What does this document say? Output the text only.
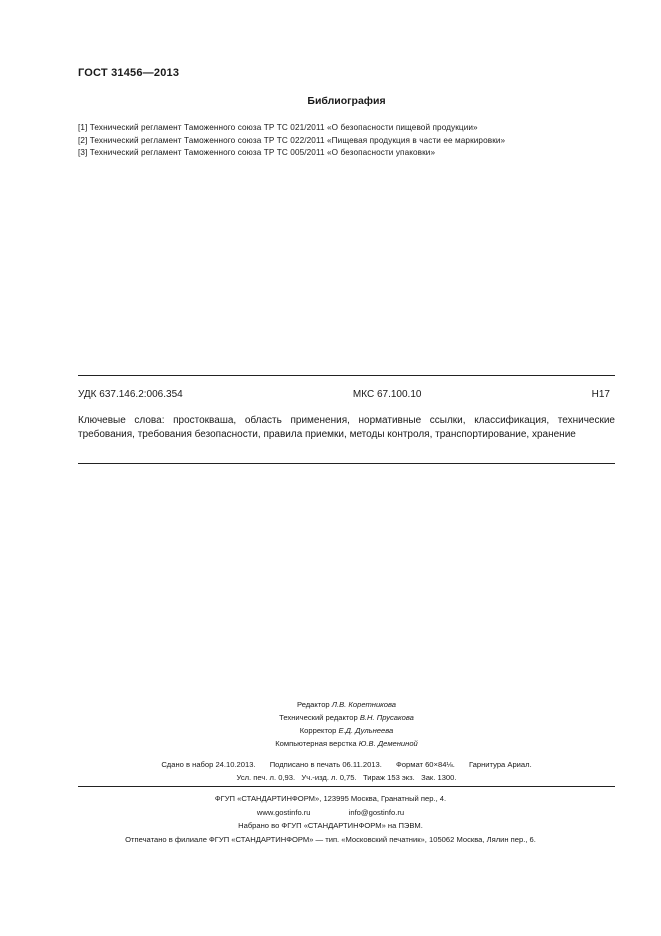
ГОСТ 31456—2013
Библиография
[1] Технический регламент Таможенного союза ТР ТС 021/2011 «О безопасности пищевой продукции»
[2] Технический регламент Таможенного союза ТР ТС 022/2011 «Пищевая продукция в части ее маркировки»
[3] Технический регламент Таможенного союза ТР ТС 005/2011 «О безопасности упаковки»
УДК 637.146.2:006.354	МКС 67.100.10	Н17
Ключевые слова: простокваша, область применения, нормативные ссылки, классификация, технические требования, требования безопасности, правила приемки, методы контроля, транспортирование, хранение
Редактор Л.В. Коретникова
Технический редактор В.Н. Прусакова
Корректор Е.Д. Дульнеева
Компьютерная верстка Ю.В. Демениной
Сдано в набор 24.10.2013. Подписано в печать 06.11.2013. Формат 60×84⅛. Гарнитура Ариал.
Усл. печ. л. 0,93. Уч.-изд. л. 0,75. Тираж 153 экз. Зак. 1300.
ФГУП «СТАНДАРТИНФОРМ», 123995 Москва, Гранатный пер., 4.
www.gostinfo.ru	info@gostinfo.ru
Набрано во ФГУП «СТАНДАРТИНФОРМ» на ПЭВМ.
Отпечатано в филиале ФГУП «СТАНДАРТИНФОРМ» — тип. «Московский печатник», 105062 Москва, Лялин пер., 6.
